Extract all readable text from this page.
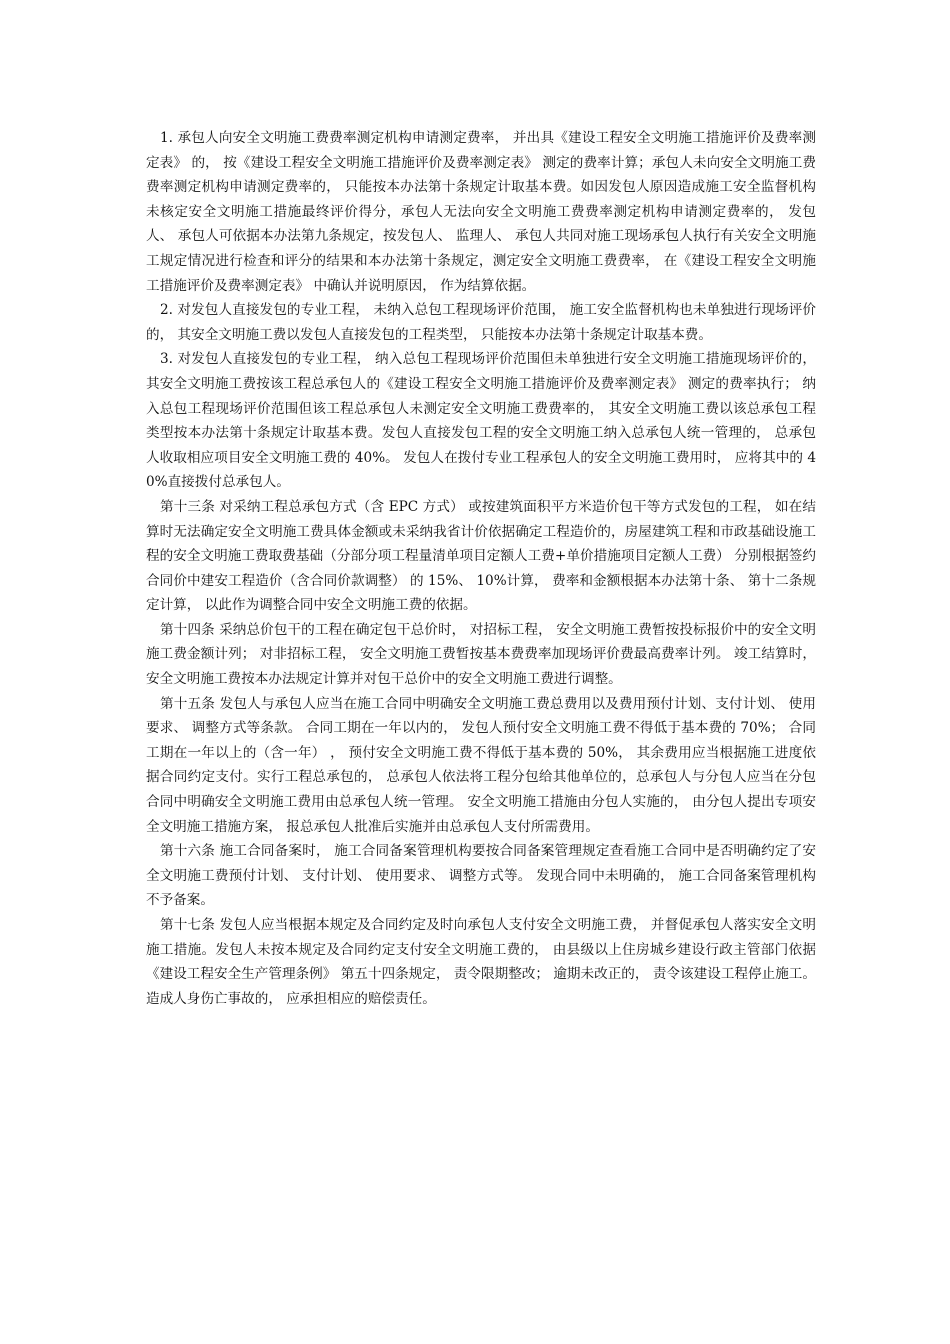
1. 承包人向安全文明施工费费率测定机构申请测定费率， 并出具《建设工程安全文明施工措施评价及费率测定表》 的， 按《建设工程安全文明施工措施评价及费率测定表》 测定的费率计算；承包人未向安全文明施工费费率测定机构申请测定费率的， 只能按本办法第十条规定计取基本费。如因发包人原因造成施工安全监督机构未核定安全文明施工措施最终评价得分，承包人无法向安全文明施工费费率测定机构申请测定费率的， 发包人、 承包人可依据本办法第九条规定，按发包人、 监理人、 承包人共同对施工现场承包人执行有关安全文明施工规定情况进行检查和评分的结果和本办法第十条规定，测定安全文明施工费费率， 在《建设工程安全文明施工措施评价及费率测定表》 中确认并说明原因， 作为结算依据。

2. 对发包人直接发包的专业工程， 未纳入总包工程现场评价范围， 施工安全监督机构也未单独进行现场评价的， 其安全文明施工费以发包人直接发包的工程类型， 只能按本办法第十条规定计取基本费。

3. 对发包人直接发包的专业工程， 纳入总包工程现场评价范围但未单独进行安全文明施工措施现场评价的， 其安全文明施工费按该工程总承包人的《建设工程安全文明施工措施评价及费率测定表》 测定的费率执行； 纳入总包工程现场评价范围但该工程总承包人未测定安全文明施工费费率的， 其安全文明施工费以该总承包工程类型按本办法第十条规定计取基本费。发包人直接发包工程的安全文明施工纳入总承包人统一管理的， 总承包人收取相应项目安全文明施工费的 40%。 发包人在拨付专业工程承包人的安全文明施工费用时， 应将其中的 40%直接拨付总承包人。

第十三条 对采纳工程总承包方式（含 EPC 方式） 或按建筑面积平方米造价包干等方式发包的工程， 如在结算时无法确定安全文明施工费具体金额或未采纳我省计价依据确定工程造价的，房屋建筑工程和市政基础设施工程的安全文明施工费取费基础（分部分项工程量清单项目定额人工费+单价措施项目定额人工费） 分别根据签约合同价中建安工程造价（含合同价款调整） 的 15%、 10%计算， 费率和金额根据本办法第十条、 第十二条规定计算， 以此作为调整合同中安全文明施工费的依据。

第十四条 采纳总价包干的工程在确定包干总价时， 对招标工程， 安全文明施工费暂按投标报价中的安全文明施工费金额计列； 对非招标工程， 安全文明施工费暂按基本费费率加现场评价费最高费率计列。 竣工结算时， 安全文明施工费按本办法规定计算并对包干总价中的安全文明施工费进行调整。

第十五条 发包人与承包人应当在施工合同中明确安全文明施工费总费用以及费用预付计划、支付计划、 使用要求、 调整方式等条款。 合同工期在一年以内的， 发包人预付安全文明施工费不得低于基本费的 70%； 合同工期在一年以上的（含一年） ， 预付安全文明施工费不得低于基本费的 50%， 其余费用应当根据施工进度依据合同约定支付。实行工程总承包的， 总承包人依法将工程分包给其他单位的，总承包人与分包人应当在分包合同中明确安全文明施工费用由总承包人统一管理。 安全文明施工措施由分包人实施的， 由分包人提出专项安全文明施工措施方案， 报总承包人批准后实施并由总承包人支付所需费用。

第十六条 施工合同备案时， 施工合同备案管理机构要按合同备案管理规定查看施工合同中是否明确约定了安全文明施工费预付计划、 支付计划、 使用要求、 调整方式等。 发现合同中未明确的， 施工合同备案管理机构不予备案。

第十七条 发包人应当根据本规定及合同约定及时向承包人支付安全文明施工费， 并督促承包人落实安全文明施工措施。发包人未按本规定及合同约定支付安全文明施工费的， 由县级以上住房城乡建设行政主管部门依据《建设工程安全生产管理条例》 第五十四条规定， 责令限期整改； 逾期未改正的， 责令该建设工程停止施工。 造成人身伤亡事故的， 应承担相应的赔偿责任。
